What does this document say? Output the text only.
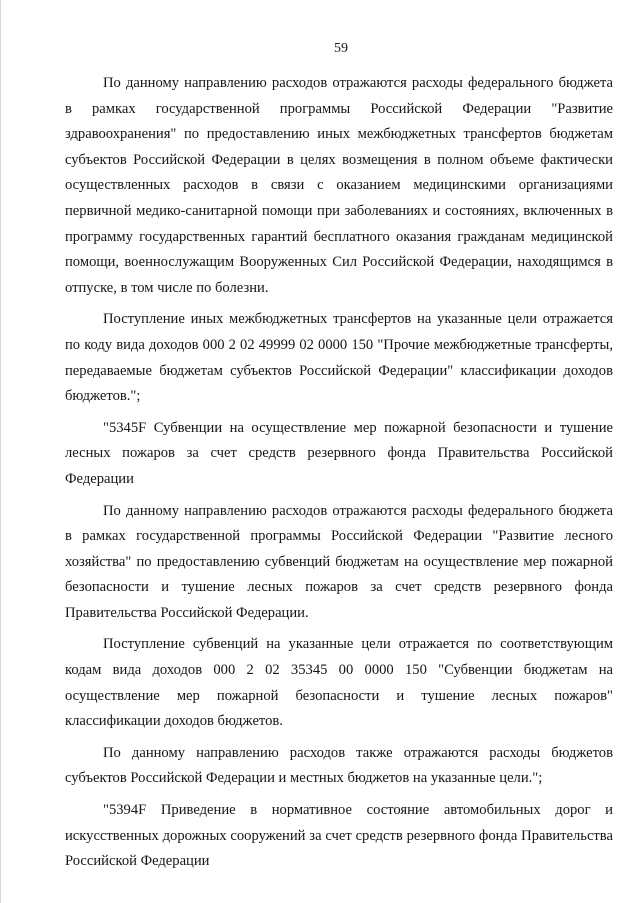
59

По данному направлению расходов отражаются расходы федерального бюджета в рамках государственной программы Российской Федерации "Развитие здравоохранения" по предоставлению иных межбюджетных трансфертов бюджетам субъектов Российской Федерации в целях возмещения в полном объеме фактически осуществленных расходов в связи с оказанием медицинскими организациями первичной медико-санитарной помощи при заболеваниях и состояниях, включенных в программу государственных гарантий бесплатного оказания гражданам медицинской помощи, военнослужащим Вооруженных Сил Российской Федерации, находящимся в отпуске, в том числе по болезни.

Поступление иных межбюджетных трансфертов на указанные цели отражается по коду вида доходов 000 2 02 49999 02 0000 150 "Прочие межбюджетные трансферты, передаваемые бюджетам субъектов Российской Федерации" классификации доходов бюджетов.";

"5345F Субвенции на осуществление мер пожарной безопасности и тушение лесных пожаров за счет средств резервного фонда Правительства Российской Федерации

По данному направлению расходов отражаются расходы федерального бюджета в рамках государственной программы Российской Федерации "Развитие лесного хозяйства" по предоставлению субвенций бюджетам на осуществление мер пожарной безопасности и тушение лесных пожаров за счет средств резервного фонда Правительства Российской Федерации.

Поступление субвенций на указанные цели отражается по соответствующим кодам вида доходов 000 2 02 35345 00 0000 150 "Субвенции бюджетам на осуществление мер пожарной безопасности и тушение лесных пожаров" классификации доходов бюджетов.

По данному направлению расходов также отражаются расходы бюджетов субъектов Российской Федерации и местных бюджетов на указанные цели.";

"5394F Приведение в нормативное состояние автомобильных дорог и искусственных дорожных сооружений за счет средств резервного фонда Правительства Российской Федерации
